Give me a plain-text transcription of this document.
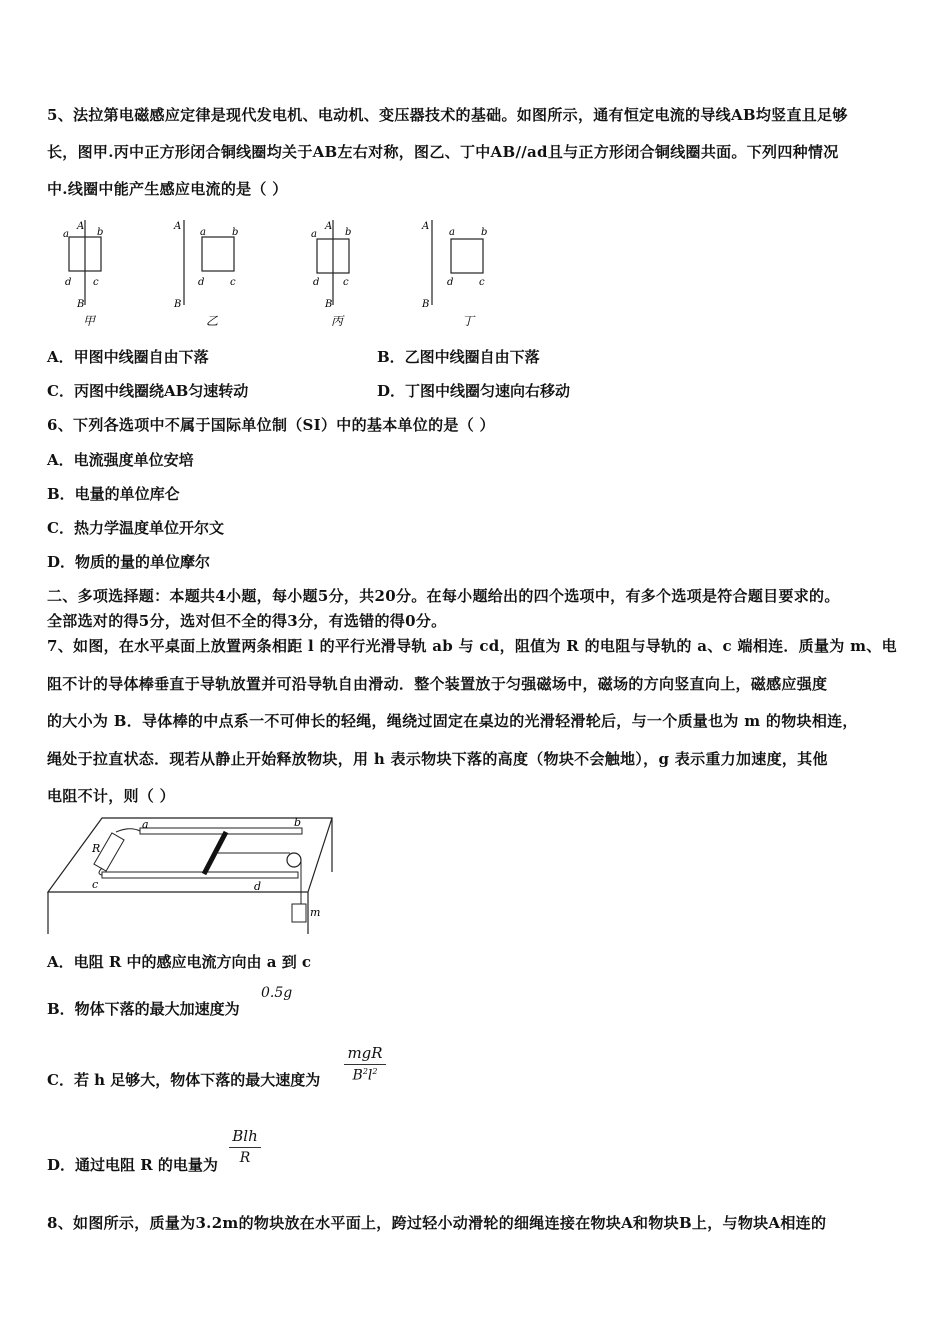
5、法拉第电磁感应定律是现代发电机、电动机、变压器技术的基础。如图所示，通有恒定电流的导线AB均竖直且足够
长，图甲.丙中正方形闭合铜线圈均关于AB左右对称，图乙、丁中AB//ad且与正方形闭合铜线圈共面。下列四种情况
中.线圈中能产生感应电流的是（ ）
A
B
a	b
c
d
甲
A
B
a	b
c
d
乙
A
B
a	b
c
d
丙
A
B
a	b
c
d
丁
A．甲图中线圈自由下落	B．乙图中线圈自由下落
C．丙图中线圈绕AB匀速转动	D．丁图中线圈匀速向右移动
6、下列各选项中不属于国际单位制（SI）中的基本单位的是（ ）
A．电流强度单位安培
B．电量的单位库仑
C．热力学温度单位开尔文
D．物质的量的单位摩尔
二、多项选择题：本题共4小题，每小题5分，共20分。在每小题给出的四个选项中，有多个选项是符合题目要求的。
全部选对的得5分，选对但不全的得3分，有选错的得0分。
7、如图，在水平桌面上放置两条相距 l 的平行光滑导轨 ab 与 cd，阻值为 R 的电阻与导轨的 a、c 端相连．质量为 m、电
阻不计的导体棒垂直于导轨放置并可沿导轨自由滑动．整个装置放于匀强磁场中，磁场的方向竖直向上，磁感应强度
的大小为 B．导体棒的中点系一不可伸长的轻绳，绳绕过固定在桌边的光滑轻滑轮后，与一个质量也为 m 的物块相连，
绳处于拉直状态．现若从静止开始释放物块，用 h 表示物块下落的高度（物块不会触地），g 表示重力加速度，其他
电阻不计，则（ ）
a	b
c	d
R
m
A．电阻 R 中的感应电流方向由 a 到 c
B．物体下落的最大加速度为
0.5g
C．若 h 足够大，物体下落的最大速度为
mgR
$B^2l^2$
D．通过电阻 R 的电量为
Blh
R
8、如图所示，质量为3.2m的物块放在水平面上，跨过轻小动滑轮的细绳连接在物块A和物块B上，与物块A相连的
